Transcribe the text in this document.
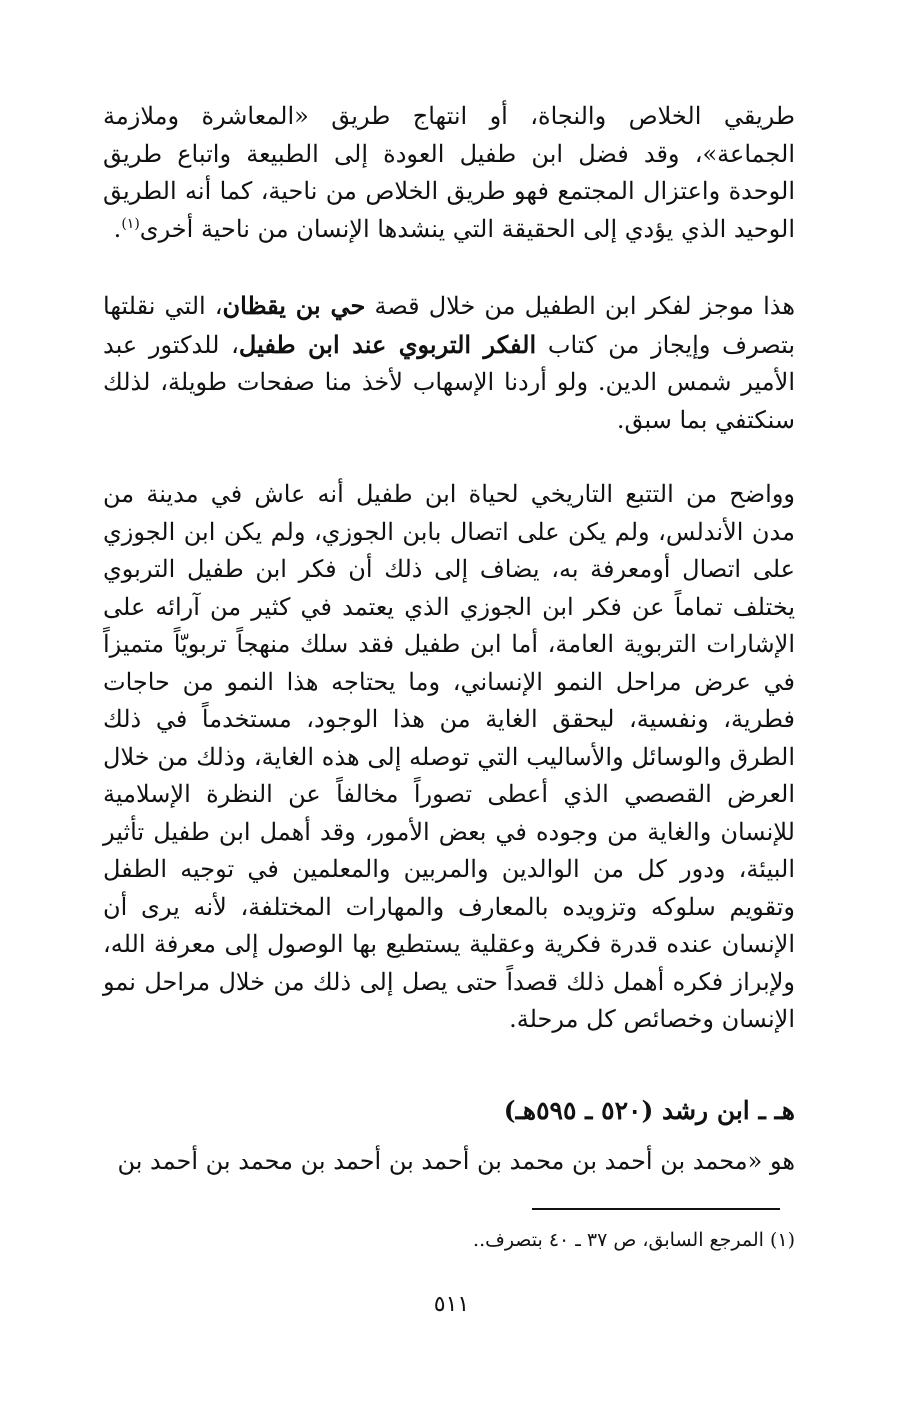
طريقي الخلاص والنجاة، أو انتهاج طريق «المعاشرة وملازمة الجماعة»، وقد فضل ابن طفيل العودة إلى الطبيعة واتباع طريق الوحدة واعتزال المجتمع فهو طريق الخلاص من ناحية، كما أنه الطريق الوحيد الذي يؤدي إلى الحقيقة التي ينشدها الإنسان من ناحية أخرى$^{(١)}$.

هذا موجز لفكر ابن الطفيل من خلال قصة حي بن يقظان، التي نقلتها بتصرف وإيجاز من كتاب الفكر التربوي عند ابن طفيل، للدكتور عبد الأمير شمس الدين. ولو أردنا الإسهاب لأخذ منا صفحات طويلة، لذلك سنكتفي بما سبق.

وواضح من التتبع التاريخي لحياة ابن طفيل أنه عاش في مدينة من مدن الأندلس، ولم يكن على اتصال بابن الجوزي، ولم يكن ابن الجوزي على اتصال أومعرفة به، يضاف إلى ذلك أن فكر ابن طفيل التربوي يختلف تماماً عن فكر ابن الجوزي الذي يعتمد في كثير من آرائه على الإشارات التربوية العامة، أما ابن طفيل فقد سلك منهجاً تربويّاً متميزاً في عرض مراحل النمو الإنساني، وما يحتاجه هذا النمو من حاجات فطرية، ونفسية، ليحقق الغاية من هذا الوجود، مستخدماً في ذلك الطرق والوسائل والأساليب التي توصله إلى هذه الغاية، وذلك من خلال العرض القصصي الذي أعطى تصوراً مخالفاً عن النظرة الإسلامية للإنسان والغاية من وجوده في بعض الأمور، وقد أهمل ابن طفيل تأثير البيئة، ودور كل من الوالدين والمربين والمعلمين في توجيه الطفل وتقويم سلوكه وتزويده بالمعارف والمهارات المختلفة، لأنه يرى أن الإنسان عنده قدرة فكرية وعقلية يستطيع بها الوصول إلى معرفة الله، ولإبراز فكره أهمل ذلك قصداً حتى يصل إلى ذلك من خلال مراحل نمو الإنسان وخصائص كل مرحلة.

هـ ـ ابن رشد (٥٢٠ ـ ٥٩٥هـ)

هو «محمد بن أحمد بن محمد بن أحمد بن أحمد بن محمد بن أحمد بن

(١) المرجع السابق، ص ٣٧ ـ ٤٠ بتصرف..

٥١١
